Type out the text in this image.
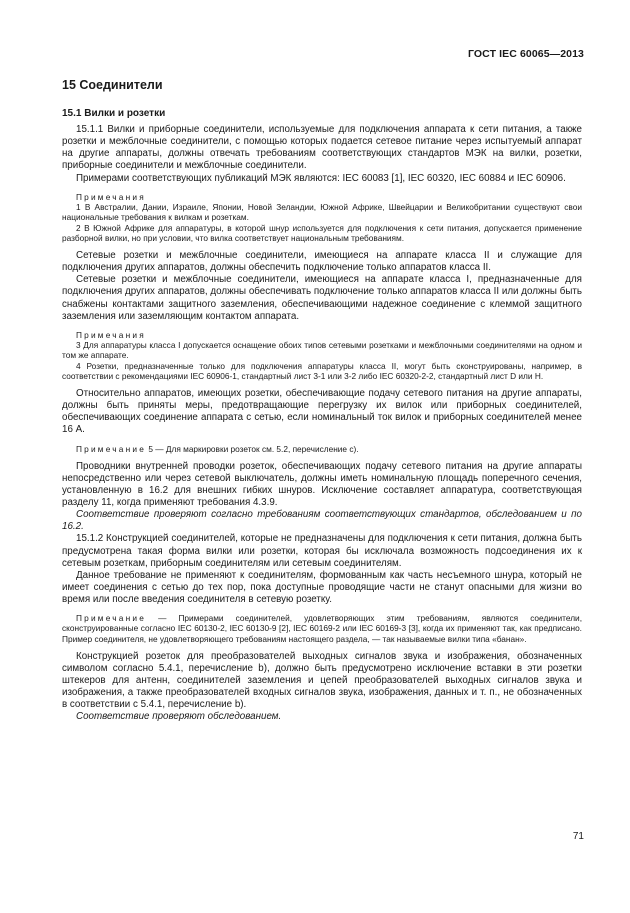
ГОСТ IEC 60065—2013
15 Соединители
15.1 Вилки и розетки

15.1.1 Вилки и приборные соединители, используемые для подключения аппарата к сети питания, а также розетки и межблочные соединители, с помощью которых подается сетевое питание через испытуемый аппарат на другие аппараты, должны отвечать требованиям соответствующих стандартов МЭК на вилки, розетки, приборные соединители и межблочные соединители.

Примерами соответствующих публикаций МЭК являются: IEC 60083 [1], IEC 60320, IEC 60884 и IEC 60906.

Примечания

1 В Австралии, Дании, Израиле, Японии, Новой Зеландии, Южной Африке, Швейцарии и Великобритании существуют свои национальные требования к вилкам и розеткам.

2 В Южной Африке для аппаратуры, в которой шнур используется для подключения к сети питания, допускается применение разборной вилки, но при условии, что вилка соответствует национальным требованиям.

Сетевые розетки и межблочные соединители, имеющиеся на аппарате класса II и служащие для подключения других аппаратов, должны обеспечить подключение только аппаратов класса II.

Сетевые розетки и межблочные соединители, имеющиеся на аппарате класса I, предназначенные для подключения других аппаратов, должны обеспечивать подключение только аппаратов класса II или должны быть снабжены контактами защитного заземления, обеспечивающими надежное соединение с клеммой защитного заземления или заземляющим контактом аппарата.

Примечания

3 Для аппаратуры класса I допускается оснащение обоих типов сетевыми розетками и межблочными соединителями на одном и том же аппарате.

4 Розетки, предназначенные только для подключения аппаратуры класса II, могут быть сконструированы, например, в соответствии с рекомендациями IEC 60906-1, стандартный лист 3-1 или 3-2 либо IEC 60320-2-2, стандартный лист D или H.

Относительно аппаратов, имеющих розетки, обеспечивающие подачу сетевого питания на другие аппараты, должны быть приняты меры, предотвращающие перегрузку их вилок или приборных соединителей, обеспечивающих соединение аппарата с сетью, если номинальный ток вилок и приборных соединителей менее 16 А.

Примечание 5 — Для маркировки розеток см. 5.2, перечисление с).

Проводники внутренней проводки розеток, обеспечивающих подачу сетевого питания на другие аппараты непосредственно или через сетевой выключатель, должны иметь номинальную площадь поперечного сечения, установленную в 16.2 для внешних гибких шнуров. Исключение составляет аппаратура, соответствующая разделу 11, когда применяют требования 4.3.9.

Соответствие проверяют согласно требованиям соответствующих стандартов, обследованием и по 16.2.

15.1.2 Конструкцией соединителей, которые не предназначены для подключения к сети питания, должна быть предусмотрена такая форма вилки или розетки, которая бы исключала возможность подсоединения их к сетевым розеткам, приборным соединителям или сетевым соединителям.

Данное требование не применяют к соединителям, формованным как часть несъемного шнура, который не имеет соединения с сетью до тех пор, пока доступные проводящие части не станут опасными для жизни во время или после введения соединителя в сетевую розетку.

Примечание — Примерами соединителей, удовлетворяющих этим требованиям, являются соединители, сконструированные согласно IEC 60130-2, IEC 60130-9 [2], IEC 60169-2 или IEC 60169-3 [3], когда их применяют так, как предписано. Пример соединителя, не удовлетворяющего требованиям настоящего раздела, — так называемые вилки типа «банан».

Конструкцией розеток для преобразователей выходных сигналов звука и изображения, обозначенных символом согласно 5.4.1, перечисление b), должно быть предусмотрено исключение вставки в эти розетки штекеров для антенн, соединителей заземления и цепей преобразователей выходных сигналов звука и изображения, а также преобразователей входных сигналов звука, изображения, данных и т. п., не обозначенных в соответствии с 5.4.1, перечисление b).

Соответствие проверяют обследованием.

71
